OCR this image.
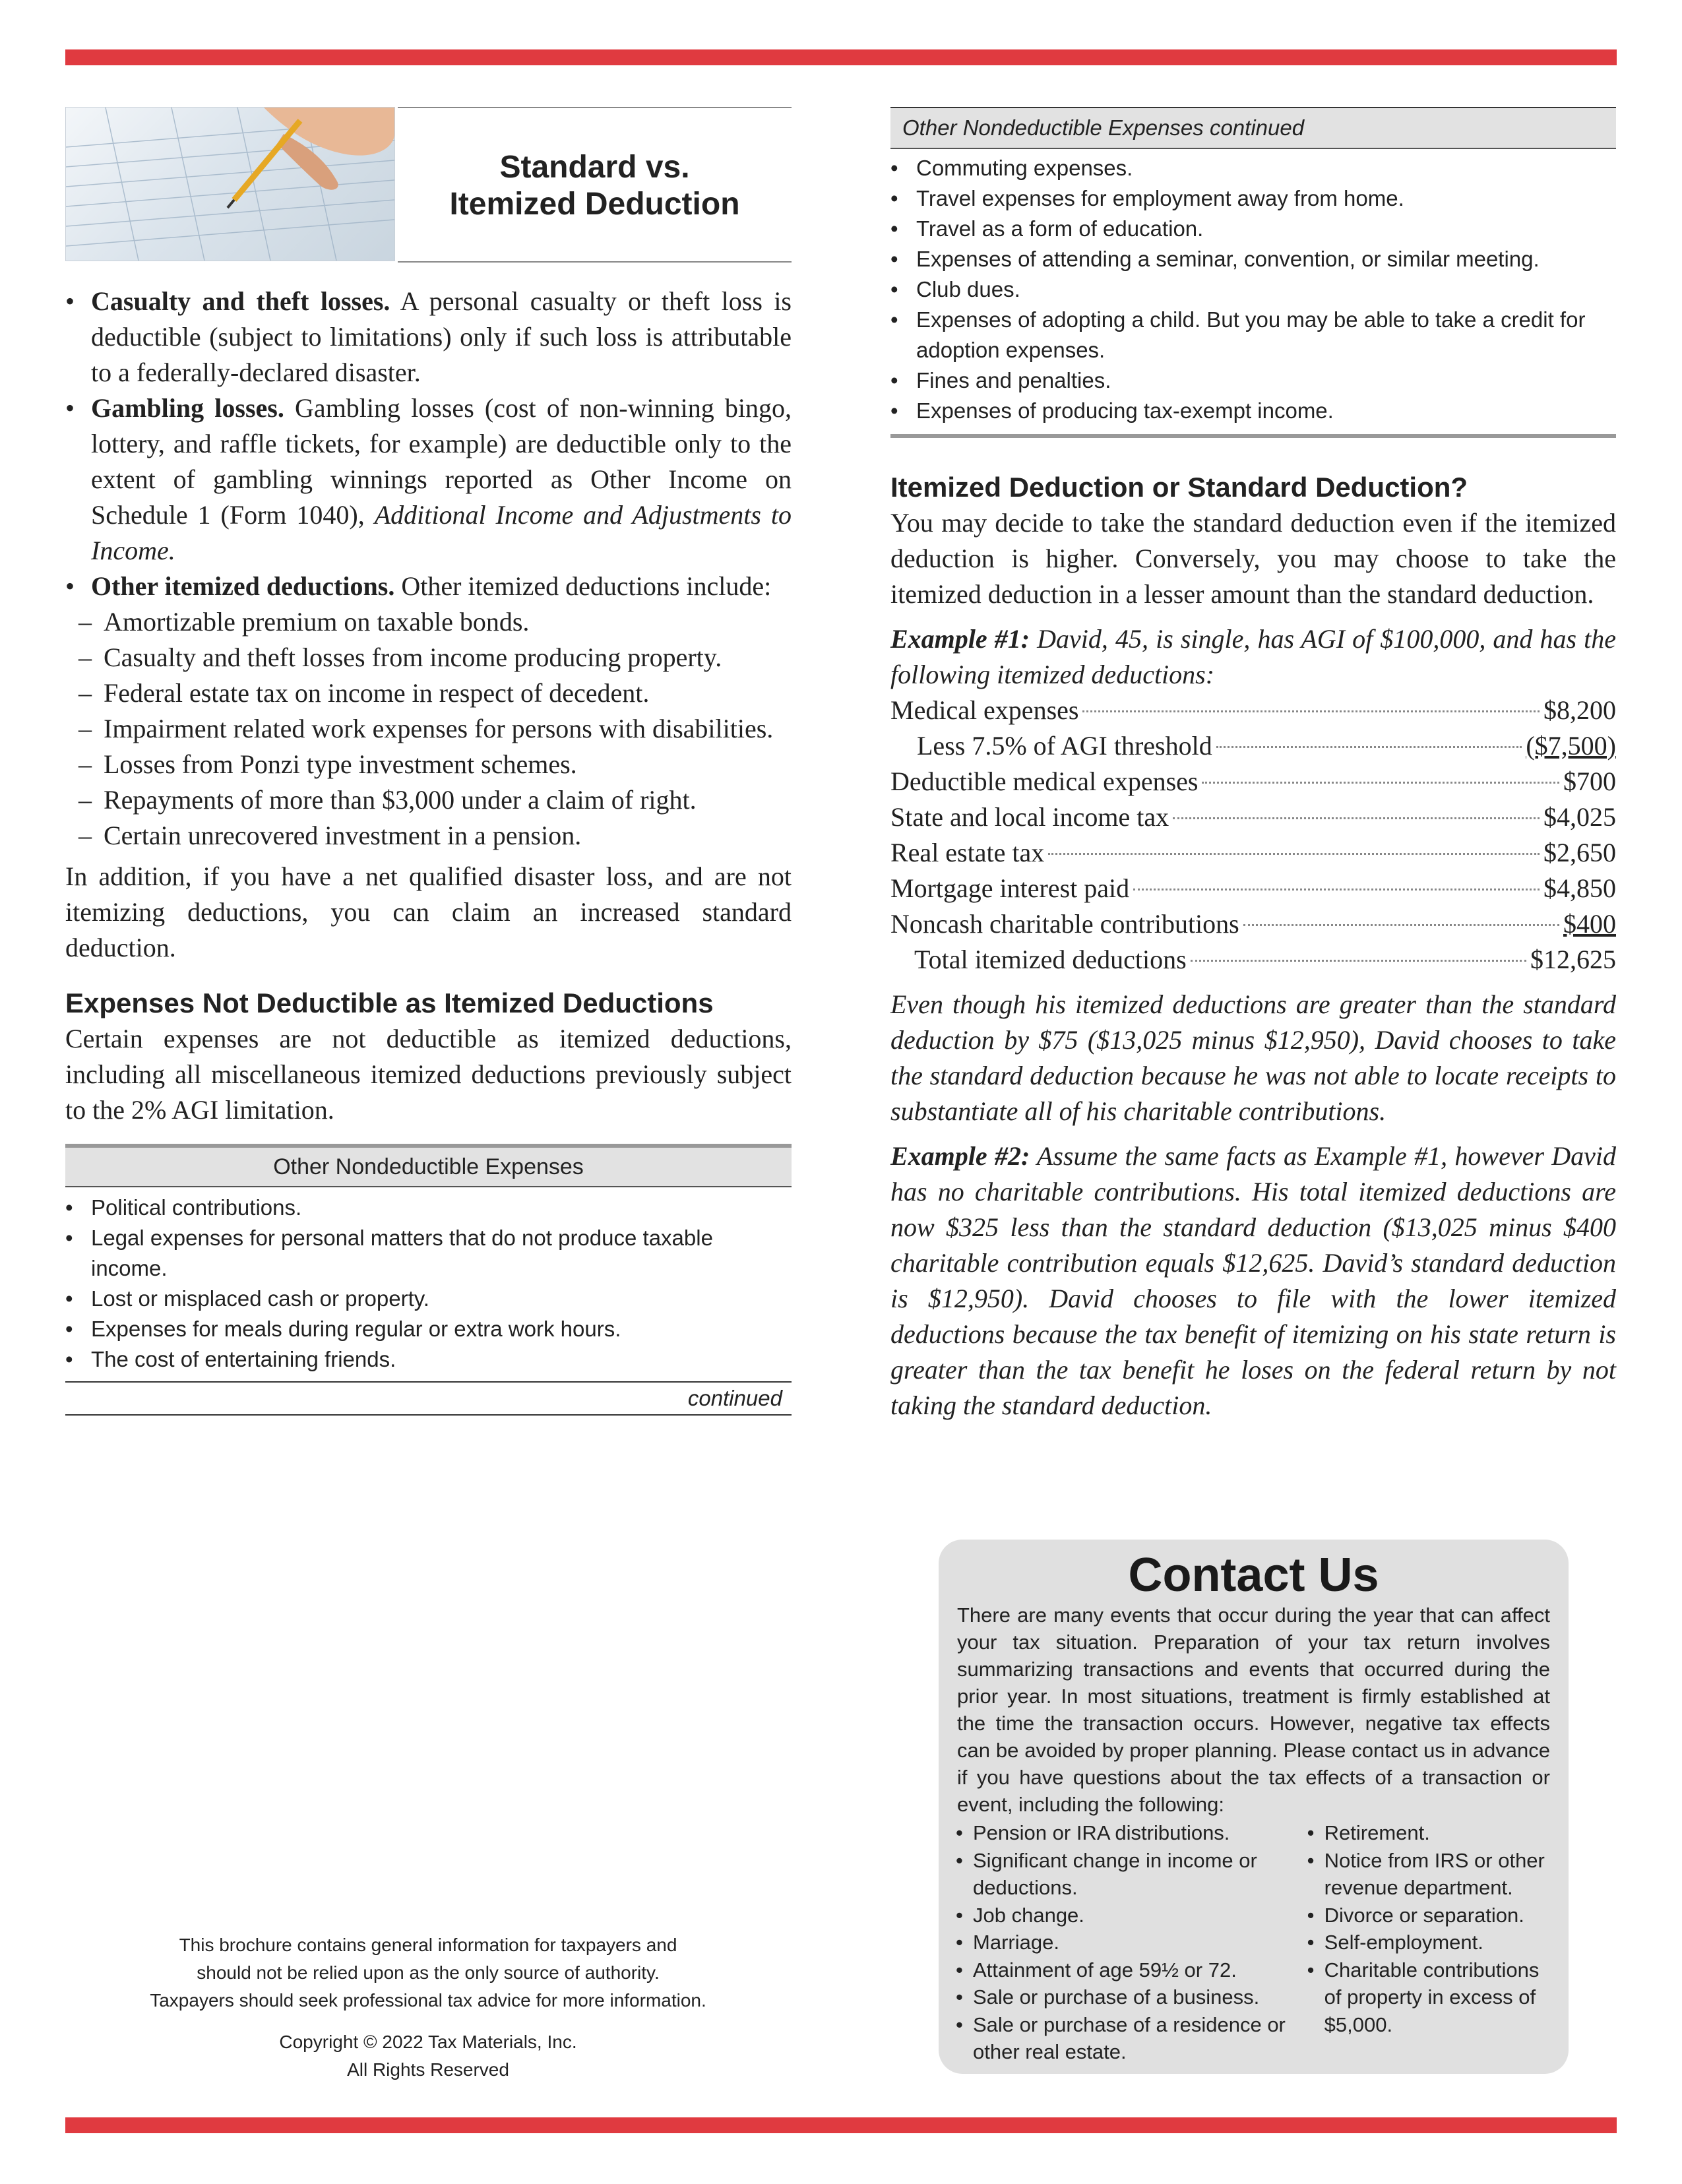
Standard vs.
Itemized Deduction
• Casualty and theft losses. A personal casualty or theft loss is deductible (subject to limitations) only if such loss is attributable to a federally-declared disaster.
• Gambling losses. Gambling losses (cost of non-winning bingo, lottery, and raffle tickets, for example) are deductible only to the extent of gambling winnings reported as Other Income on Schedule 1 (Form 1040), Additional Income and Adjustments to Income.
• Other itemized deductions. Other itemized deductions include:
– Amortizable premium on taxable bonds.
– Casualty and theft losses from income producing property.
– Federal estate tax on income in respect of decedent.
– Impairment related work expenses for persons with disabilities.
– Losses from Ponzi type investment schemes.
– Repayments of more than $3,000 under a claim of right.
– Certain unrecovered investment in a pension.
In addition, if you have a net qualified disaster loss, and are not itemizing deductions, you can claim an increased standard deduction.
Expenses Not Deductible as Itemized Deductions
Certain expenses are not deductible as itemized deductions, including all miscellaneous itemized deductions previously subject to the 2% AGI limitation.
Other Nondeductible Expenses
• Political contributions.
• Legal expenses for personal matters that do not produce taxable income.
• Lost or misplaced cash or property.
• Expenses for meals during regular or extra work hours.
• The cost of entertaining friends.
continued
Other Nondeductible Expenses continued
• Commuting expenses.
• Travel expenses for employment away from home.
• Travel as a form of education.
• Expenses of attending a seminar, convention, or similar meeting.
• Club dues.
• Expenses of adopting a child. But you may be able to take a credit for adoption expenses.
• Fines and penalties.
• Expenses of producing tax-exempt income.
Itemized Deduction or Standard Deduction?
You may decide to take the standard deduction even if the itemized deduction is higher. Conversely, you may choose to take the itemized deduction in a lesser amount than the standard deduction.
Example #1: David, 45, is single, has AGI of $100,000, and has the following itemized deductions:
Medical expenses	$8,200
Less 7.5% of AGI threshold	($7,500)
Deductible medical expenses	$700
State and local income tax	$4,025
Real estate tax	$2,650
Mortgage interest paid	$4,850
Noncash charitable contributions	$400
Total itemized deductions	$12,625
Even though his itemized deductions are greater than the standard deduction by $75 ($13,025 minus $12,950), David chooses to take the standard deduction because he was not able to locate receipts to substantiate all of his charitable contributions.
Example #2: Assume the same facts as Example #1, however David has no charitable contributions. His total itemized deductions are now $325 less than the standard deduction ($13,025 minus $400 charitable contribution equals $12,625. David’s standard deduction is $12,950). David chooses to file with the lower itemized deductions because the tax benefit of itemizing on his state return is greater than the tax benefit he loses on the federal return by not taking the standard deduction.
Contact Us

There are many events that occur during the year that can affect your tax situation. Preparation of your tax return involves summarizing transactions and events that occurred during the prior year. In most situations, treatment is firmly established at the time the transaction occurs. However, negative tax effects can be avoided by proper planning. Please contact us in advance if you have questions about the tax effects of a transaction or event, including the following:

• Pension or IRA distributions.
• Significant change in income or deductions.
• Job change.
• Marriage.
• Attainment of age 59½ or 72.
• Sale or purchase of a business.
• Sale or purchase of a residence or other real estate.
• Retirement.
• Notice from IRS or other revenue department.
• Divorce or separation.
• Self-employment.
• Charitable contributions of property in excess of $5,000.
This brochure contains general information for taxpayers and
should not be relied upon as the only source of authority.
Taxpayers should seek professional tax advice for more information.
Copyright © 2022 Tax Materials, Inc.
All Rights Reserved
